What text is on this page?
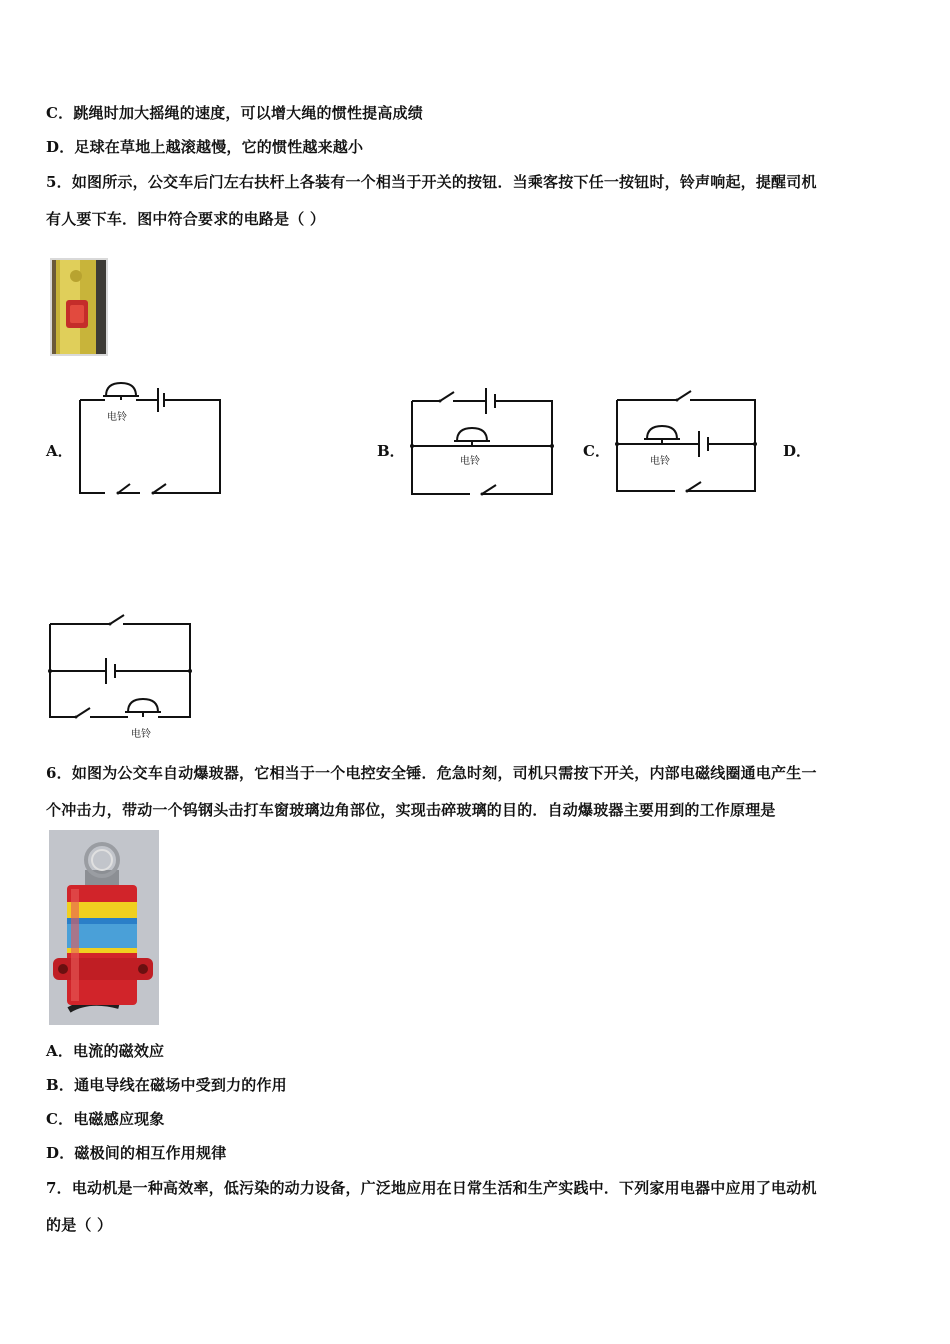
C．跳绳时加大摇绳的速度，可以增大绳的惯性提高成绩
D．足球在草地上越滚越慢，它的惯性越来越小
5．如图所示，公交车后门左右扶杆上各装有一个相当于开关的按钮．当乘客按下任一按钮时，铃声响起，提醒司机
有人要下车．图中符合要求的电路是（ ）
A．
电铃
B．
电铃
C．
电铃
D．
电铃
6．如图为公交车自动爆玻器，它相当于一个电控安全锤．危急时刻，司机只需按下开关，内部电磁线圈通电产生一
个冲击力，带动一个钨钢头击打车窗玻璃边角部位，实现击碎玻璃的目的．自动爆玻器主要用到的工作原理是
A．电流的磁效应
B．通电导线在磁场中受到力的作用
C．电磁感应现象
D．磁极间的相互作用规律
7．电动机是一种高效率，低污染的动力设备，广泛地应用在日常生活和生产实践中．下列家用电器中应用了电动机
的是（ ）
